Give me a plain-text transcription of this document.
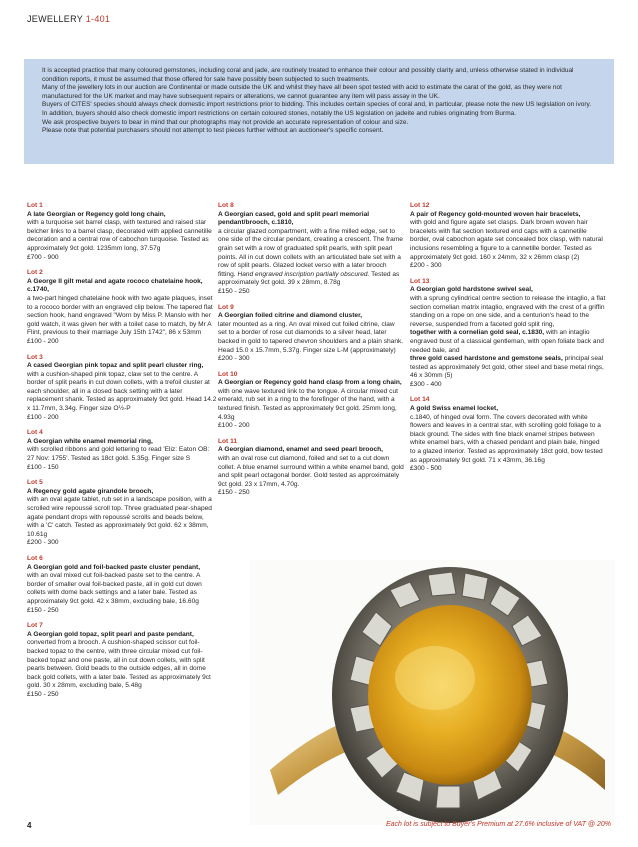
JEWELLERY 1-401

It is accepted practice that many coloured gemstones, including coral and jade, are routinely treated to enhance their colour and possibly clarity and, unless otherwise stated in individual condition reports, it must be assumed that those offered for sale have possibly been subjected to such treatments.

Many of the jewellery lots in our auction are Continental or made outside the UK and whilst they have all been spot tested with acid to estimate the carat of the gold, as they were not manufactured for the UK market and may have subsequent repairs or alterations, we cannot guarantee any item will pass assay in the UK.

Buyers of CITES' species should always check domestic import restrictions prior to bidding. This includes certain species of coral and, in particular, please note the new US legislation on ivory.

In addition, buyers should also check domestic import restrictions on certain coloured stones, notably the US legislation on jadeite and rubies originating from Burma.

We ask prospective buyers to bear in mind that our photographs may not provide an accurate representation of colour and size.

Please note that potential purchasers should not attempt to test pieces further without an auctioneer's specific consent.

Lot 1
A late Georgian or Regency gold long chain,
with a turquoise set barrel clasp, with textured and raised star belcher links to a barrel clasp, decorated with applied cannetille decoration and a central row of cabochon turquoise. Tested as approximately 9ct gold. 1235mm long, 37.57g
£700 - 900
Lot 2
A George II gilt metal and agate rococo chatelaine hook, c.1740,
a two-part hinged chatelaine hook with two agate plaques, inset to a rococo border with an engraved clip below. The tapered flat section hook, hand engraved "Worn by Miss P. Manslo with her gold watch, it was given her with a toilet case to match, by Mr A Flint, previous to their marriage July 15th 1742", 86 x 53mm
£100 - 200
Lot 3
A cased Georgian pink topaz and split pearl cluster ring,
with a cushion-shaped pink topaz, claw set to the centre. A border of split pearls in cut down collets, with a trefoil cluster at each shoulder, all in a closed back setting with a later replacement shank. Tested as approximately 9ct gold. Head 14.2 x 11.7mm, 3.34g. Finger size O½-P
£100 - 200
Lot 4
A Georgian white enamel memorial ring,
with scrolled ribbons and gold lettering to read 'Eliz: Eaton OB: 27 Nov: 1755'. Tested as 18ct gold. 5.35g. Finger size S
£100 - 150
Lot 5
A Regency gold agate girandole brooch,
with an oval agate tablet, rub set in a landscape position, with a scrolled wire repoussé scroll top. Three graduated pear-shaped agate pendant drops with repoussé scrolls and beads below, with a 'C' catch. Tested as approximately 9ct gold. 62 x 38mm, 10.61g
£200 - 300
Lot 6
A Georgian gold and foil-backed paste cluster pendant,
with an oval mixed cut foil-backed paste set to the centre. A border of smaller oval foil-backed paste, all in gold cut down collets with dome back settings and a later bale. Tested as approximately 9ct gold. 42 x 38mm, excluding bale, 16.60g
£150 - 250
Lot 7
A Georgian gold topaz, split pearl and paste pendant,
converted from a brooch. A cushion-shaped scissor cut foil-backed topaz to the centre, with three circular mixed cut foil-backed topaz and one paste, all in cut down collets, with split pearls between. Gold beads to the outside edges, all in dome back gold collets, with a later bale. Tested as approximately 9ct gold. 30 x 28mm, excluding bale, 5.48g
£150 - 250
Lot 8
A Georgian cased, gold and split pearl memorial pendant/brooch, c.1810,
a circular glazed compartment, with a fine milled edge, set to one side of the circular pendant, creating a crescent. The frame grain set with a row of graduated split pearls, with split pearl points. All in cut down collets with an articulated bale set with a row of split pearls. Glazed locket verso with a later brooch fitting. Hand engraved inscription partially obscured. Tested as approximately 9ct gold. 39 x 28mm, 8.78g
£150 - 250
Lot 9
A Georgian foiled citrine and diamond cluster,
later mounted as a ring. An oval mixed cut foiled citrine, claw set to a border of rose cut diamonds to a silver head, later backed in gold to tapered chevron shoulders and a plain shank. Head 15.0 x 15.7mm, 5.37g. Finger size L-M (approximately)
£200 - 300
Lot 10
A Georgian or Regency gold hand clasp from a long chain,
with one wave textured link to the tongue. A circular mixed cut emerald, rub set in a ring to the forefinger of the hand, with a textured finish. Tested as approximately 9ct gold. 25mm long, 4.93g
£100 - 200
Lot 11
A Georgian diamond, enamel and seed pearl brooch,
with an oval rose cut diamond, foiled and set to a cut down collet. A blue enamel surround within a white enamel band, gold and split pearl octagonal border. Gold tested as approximately 9ct gold. 23 x 17mm, 4.70g.
£150 - 250
Lot 12
A pair of Regency gold-mounted woven hair bracelets,
with gold and figure agate set clasps. Dark brown woven hair bracelets with flat section textured end caps with a cannetille border, oval cabochon agate set concealed box clasp, with natural inclusions resembling a figure to a cannetille border. Tested as approximately 9ct gold. 160 x 24mm, 32 x 26mm clasp (2)
£200 - 300
Lot 13
A Georgian gold hardstone swivel seal,
with a sprung cylindrical centre section to release the intaglio, a flat section cornelian matrix intaglio, engraved with the crest of a griffin standing on a rope on one side, and a centurion's head to the reverse, suspended from a faceted gold split ring,
together with a cornelian gold seal, c.1830, with an intaglio engraved bust of a classical gentleman, with open foliate back and reeded bale, and
three gold cased hardstone and gemstone seals, principal seal tested as approximately 9ct gold, other steel and base metal rings, 46 x 30mm (5)
£300 - 400
Lot 14
A gold Swiss enamel locket,
c.1840, of hinged oval form. The covers decorated with white flowers and leaves in a central star, with scrolling gold foliage to a black ground. The sides with fine black enamel stripes between white enamel bars, with a chased pendant and plain bale, hinged to a glazed interior. Tested as approximately 18ct gold, bow tested as approximately 9ct gold. 71 x 43mm, 36.16g
£300 - 500
9
4	Each lot is subject to Buyer's Premium at 27.6% inclusive of VAT @ 20%
